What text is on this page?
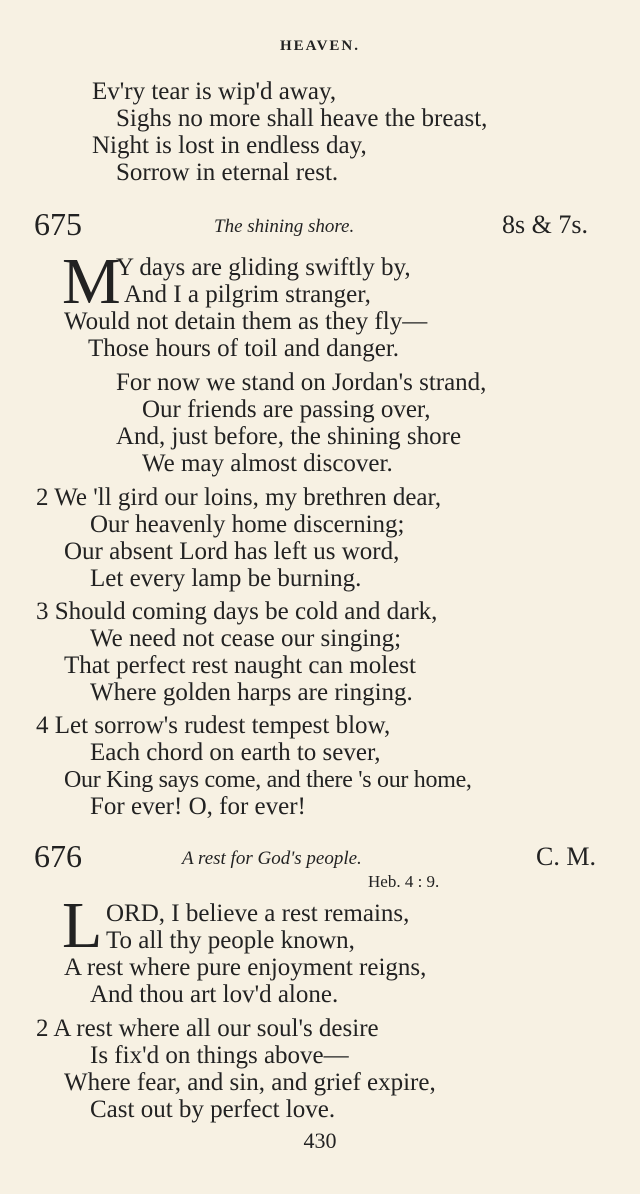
HEAVEN.
Ev'ry tear is wip'd away,
Sighs no more shall heave the breast,
Night is lost in endless day,
Sorrow in eternal rest.
675	The shining shore.	8s & 7s.
M
Y days are gliding swiftly by,
And I a pilgrim stranger,
Would not detain them as they fly—
Those hours of toil and danger.
For now we stand on Jordan's strand,
Our friends are passing over,
And, just before, the shining shore
We may almost discover.
2 We 'll gird our loins, my brethren dear,
Our heavenly home discerning;
Our absent Lord has left us word,
Let every lamp be burning.
3 Should coming days be cold and dark,
We need not cease our singing;
That perfect rest naught can molest
Where golden harps are ringing.
4 Let sorrow's rudest tempest blow,
Each chord on earth to sever,
Our King says come, and there 's our home,
For ever! O, for ever!
676	A rest for God's people.	C. M.
Heb. 4 : 9.
L ORD, I believe a rest remains,
To all thy people known,
A rest where pure enjoyment reigns,
And thou art lov'd alone.
2 A rest where all our soul's desire
Is fix'd on things above—
Where fear, and sin, and grief expire,
Cast out by perfect love.
430
